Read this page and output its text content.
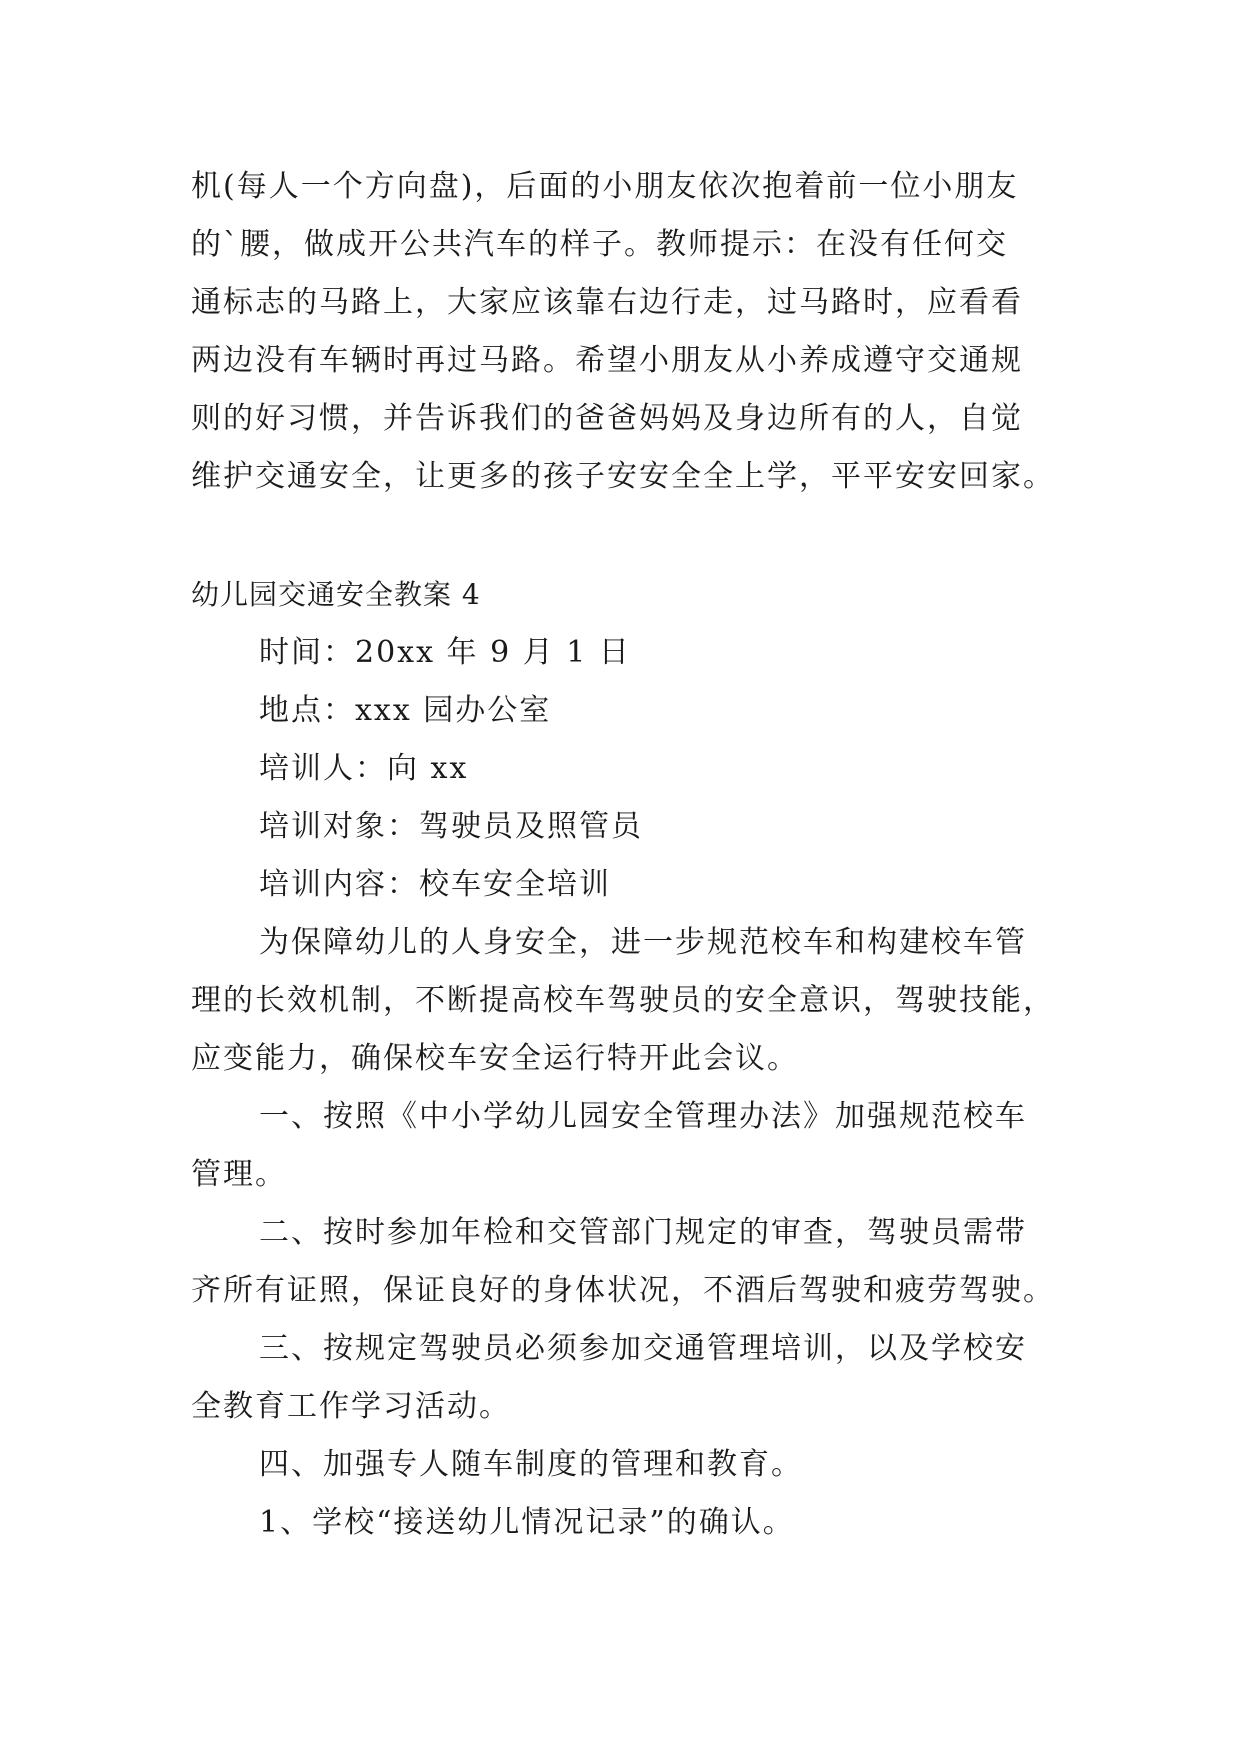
机(每人一个方向盘)，后面的小朋友依次抱着前一位小朋友
的`腰，做成开公共汽车的样子。教师提示：在没有任何交
通标志的马路上，大家应该靠右边行走，过马路时，应看看
两边没有车辆时再过马路。希望小朋友从小养成遵守交通规
则的好习惯，并告诉我们的爸爸妈妈及身边所有的人，自觉
维护交通安全，让更多的孩子安安全全上学，平平安安回家。
幼儿园交通安全教案 4
时间：20xx 年 9 月 1 日
地点：xxx 园办公室
培训人：向 xx
培训对象：驾驶员及照管员
培训内容：校车安全培训
为保障幼儿的人身安全，进一步规范校车和构建校车管
理的长效机制，不断提高校车驾驶员的安全意识，驾驶技能，
应变能力，确保校车安全运行特开此会议。
一、按照《中小学幼儿园安全管理办法》加强规范校车
管理。
二、按时参加年检和交管部门规定的审查，驾驶员需带
齐所有证照，保证良好的身体状况，不酒后驾驶和疲劳驾驶。
三、按规定驾驶员必须参加交通管理培训，以及学校安
全教育工作学习活动。
四、加强专人随车制度的管理和教育。
1、学校“接送幼儿情况记录”的确认。
